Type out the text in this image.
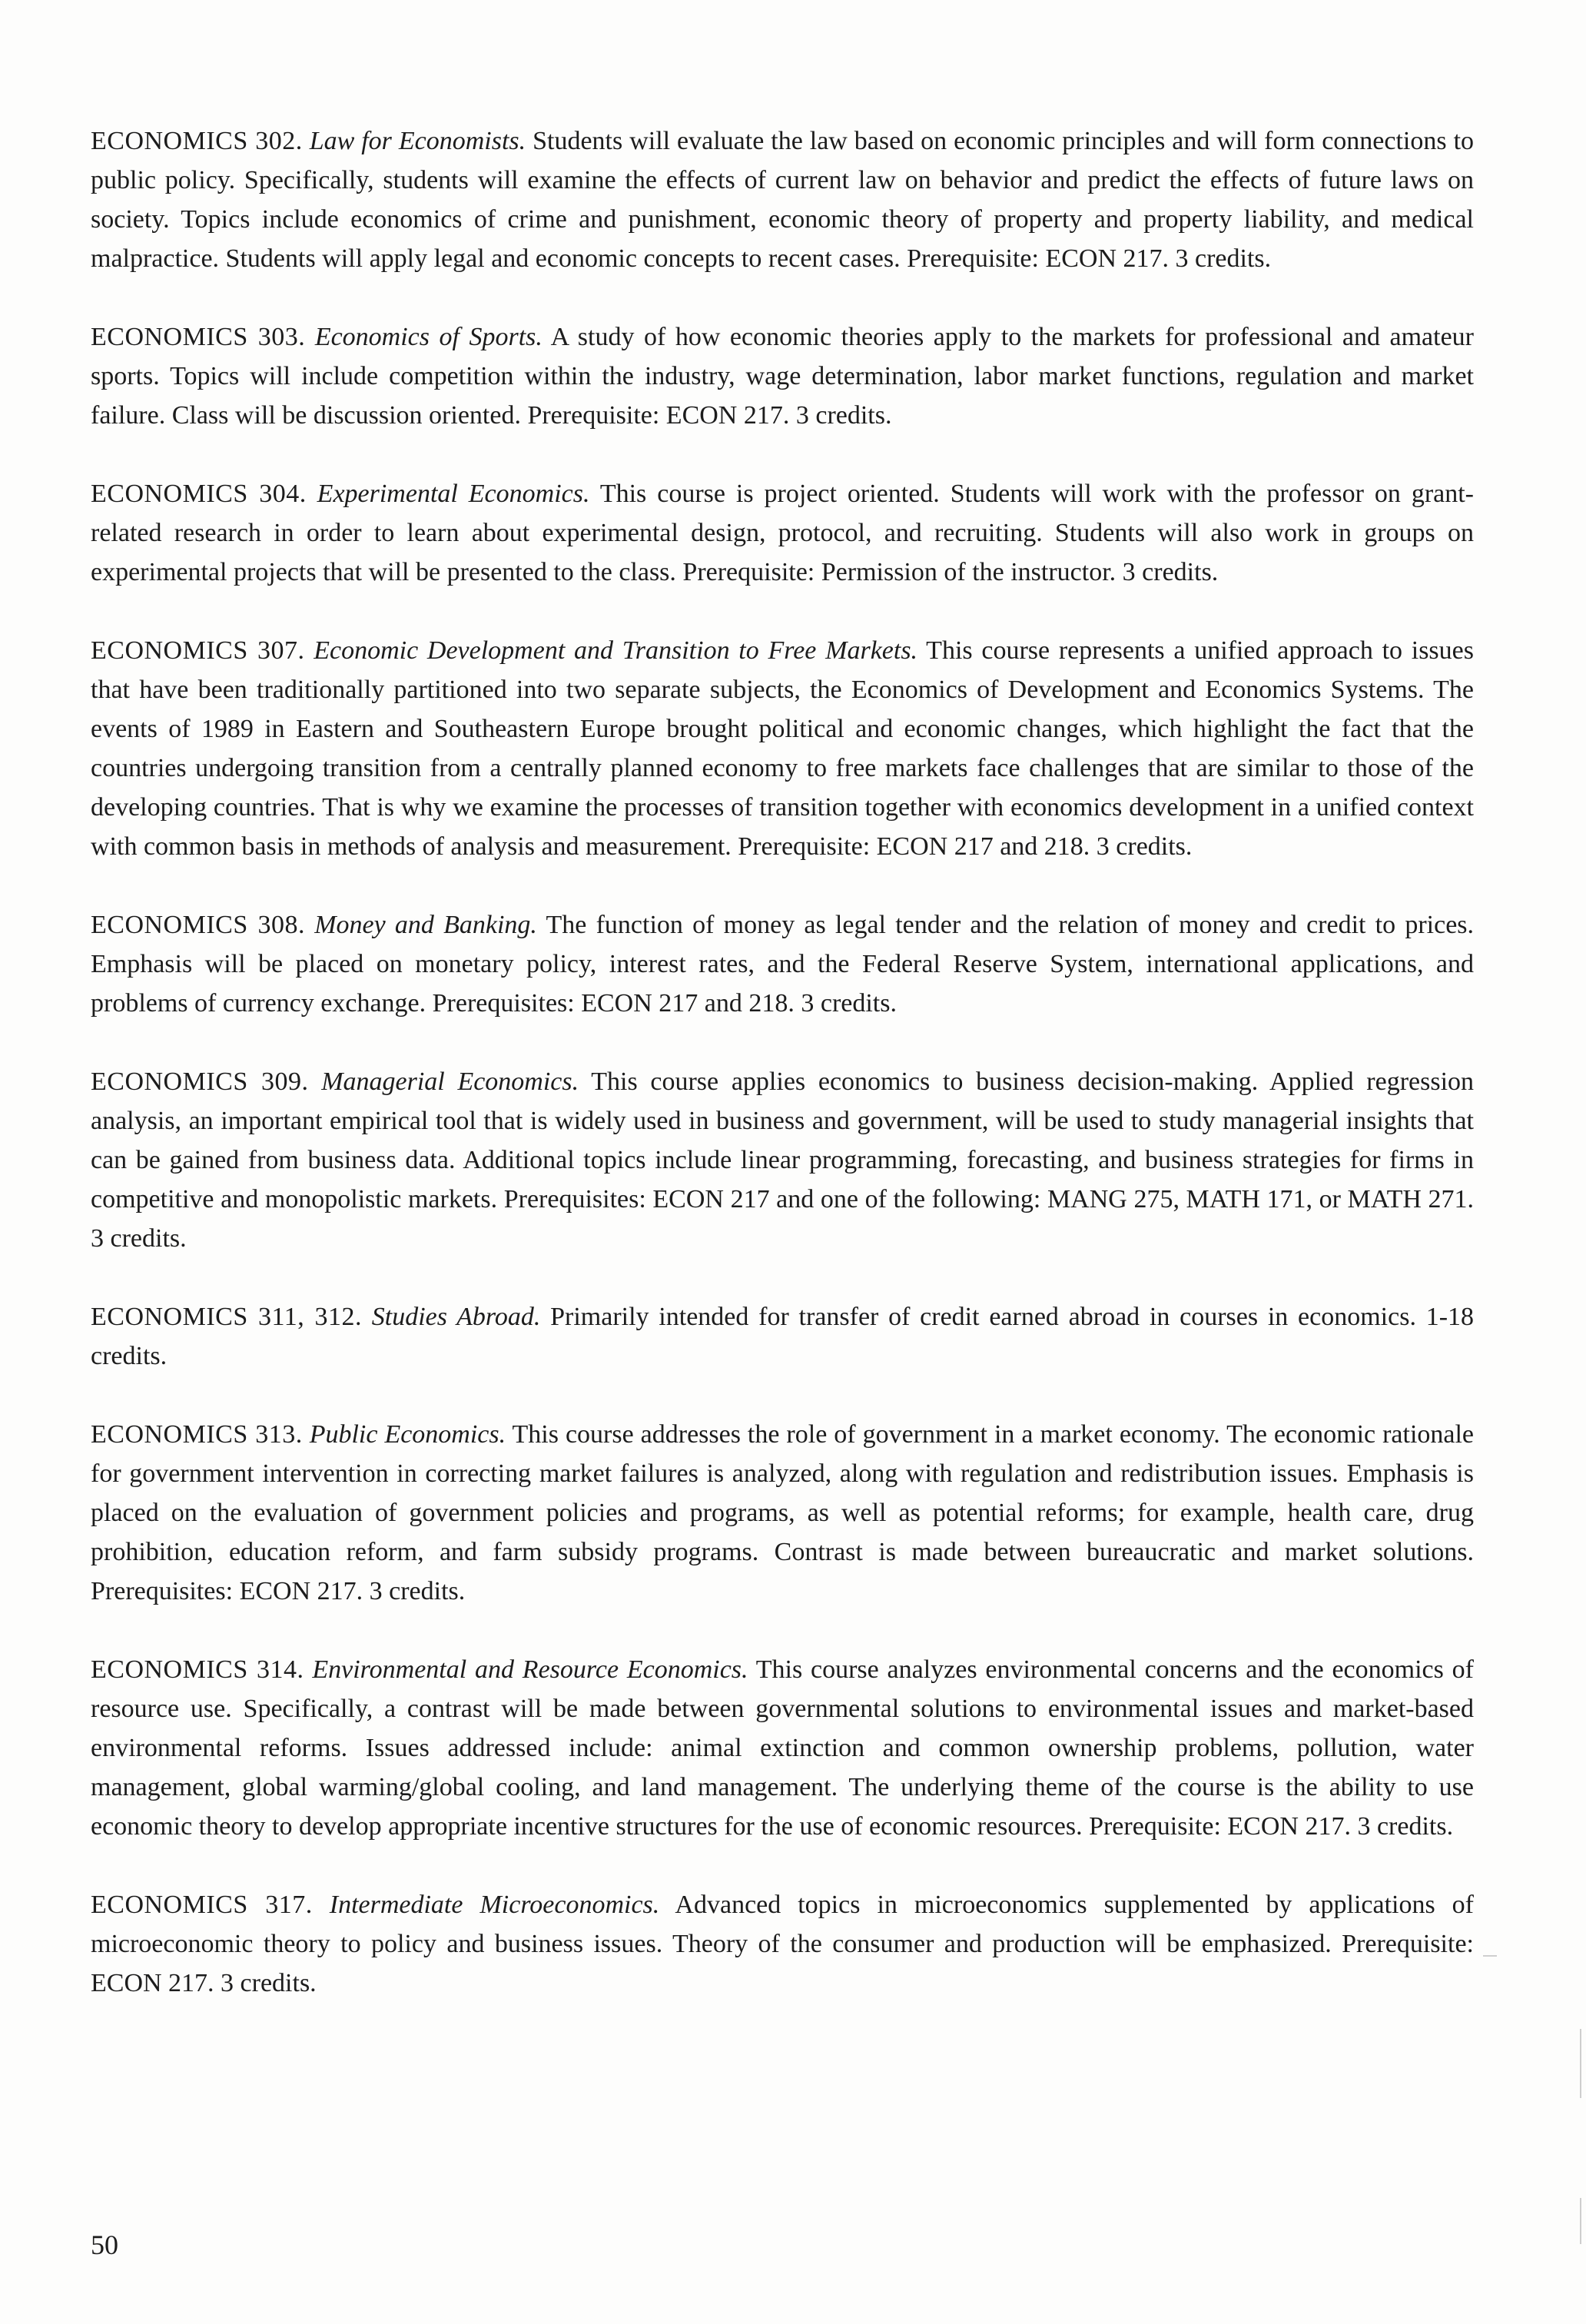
ECONOMICS 302. Law for Economists. Students will evaluate the law based on economic principles and will form connections to public policy. Specifically, students will examine the effects of current law on behavior and predict the effects of future laws on society. Topics include economics of crime and punishment, economic theory of property and property liability, and medical malpractice. Students will apply legal and economic concepts to recent cases. Prerequisite: ECON 217. 3 credits.

ECONOMICS 303. Economics of Sports. A study of how economic theories apply to the markets for professional and amateur sports. Topics will include competition within the industry, wage determination, labor market functions, regulation and market failure. Class will be discussion oriented. Prerequisite: ECON 217. 3 credits.

ECONOMICS 304. Experimental Economics. This course is project oriented. Students will work with the professor on grant-related research in order to learn about experimental design, protocol, and recruiting. Students will also work in groups on experimental projects that will be presented to the class. Prerequisite: Permission of the instructor. 3 credits.

ECONOMICS 307. Economic Development and Transition to Free Markets. This course represents a unified approach to issues that have been traditionally partitioned into two separate subjects, the Economics of Development and Economics Systems. The events of 1989 in Eastern and Southeastern Europe brought political and economic changes, which highlight the fact that the countries undergoing transition from a centrally planned economy to free markets face challenges that are similar to those of the developing countries. That is why we examine the processes of transition together with economics development in a unified context with common basis in methods of analysis and measurement. Prerequisite: ECON 217 and 218. 3 credits.

ECONOMICS 308. Money and Banking. The function of money as legal tender and the relation of money and credit to prices. Emphasis will be placed on monetary policy, interest rates, and the Federal Reserve System, international applications, and problems of currency exchange. Prerequisites: ECON 217 and 218. 3 credits.

ECONOMICS 309. Managerial Economics. This course applies economics to business decision-making. Applied regression analysis, an important empirical tool that is widely used in business and government, will be used to study managerial insights that can be gained from business data. Additional topics include linear programming, forecasting, and business strategies for firms in competitive and monopolistic markets. Prerequisites: ECON 217 and one of the following: MANG 275, MATH 171, or MATH 271. 3 credits.

ECONOMICS 311, 312. Studies Abroad. Primarily intended for transfer of credit earned abroad in courses in economics. 1-18 credits.

ECONOMICS 313. Public Economics. This course addresses the role of government in a market economy. The economic rationale for government intervention in correcting market failures is analyzed, along with regulation and redistribution issues. Emphasis is placed on the evaluation of government policies and programs, as well as potential reforms; for example, health care, drug prohibition, education reform, and farm subsidy programs. Contrast is made between bureaucratic and market solutions. Prerequisites: ECON 217. 3 credits.

ECONOMICS 314. Environmental and Resource Economics. This course analyzes environmental concerns and the economics of resource use. Specifically, a contrast will be made between governmental solutions to environmental issues and market-based environmental reforms. Issues addressed include: animal extinction and common ownership problems, pollution, water management, global warming/global cooling, and land management. The underlying theme of the course is the ability to use economic theory to develop appropriate incentive structures for the use of economic resources. Prerequisite: ECON 217. 3 credits.

ECONOMICS 317. Intermediate Microeconomics. Advanced topics in microeconomics supplemented by applications of microeconomic theory to policy and business issues. Theory of the consumer and production will be emphasized. Prerequisite: ECON 217. 3 credits.

50
